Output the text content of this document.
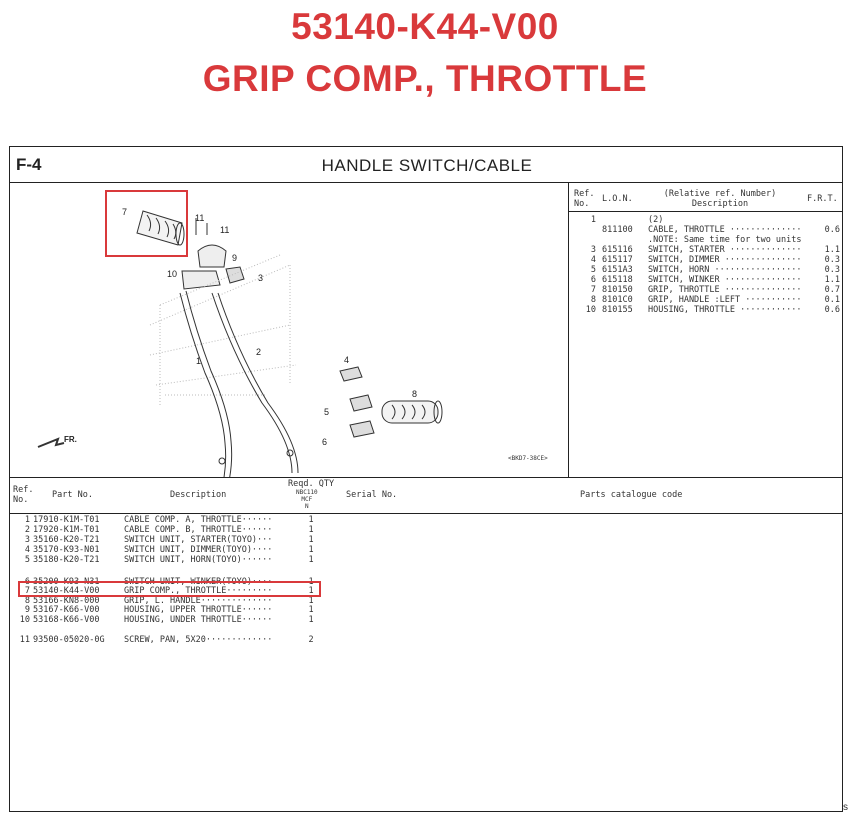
53140-K44-V00
GRIP COMP., THROTTLE
F-4	HANDLE SWITCH/CABLE
7
11
11
9
10	3
2
1	4
8
5
6
FR.
<BKD7-38CE>
Ref.
No.	L.O.N.	(Relative ref. Number)
Description	F.R.T.
1	(2)
811100	CABLE, THROTTLE ··············	0.6
.NOTE: Same time for two units
3 615116	SWITCH, STARTER ··············	1.1
4 615117	SWITCH, DIMMER ···············	0.3
5 6151A3	SWITCH, HORN ·················	0.3
6 615118	SWITCH, WINKER ···············	1.1
7 810150	GRIP, THROTTLE ···············	0.7
8 8101C0	GRIP, HANDLE :LEFT ···········	0.1
10 810155	HOUSING, THROTTLE ············	0.6
Ref.
No.	Part No.	Description
Reqd. QTY
NBC110
MCF
N
Serial No.	Parts catalogue code
1 17910-K1M-T01	CABLE COMP. A, THROTTLE······	1
2 17920-K1M-T01	CABLE COMP. B, THROTTLE······	1
3 35160-K20-T21	SWITCH UNIT, STARTER(TOYO)···	1
4 35170-K93-N01	SWITCH UNIT, DIMMER(TOYO)····	1
5 35180-K20-T21	SWITCH UNIT, HORN(TOYO)······	1
6 35200-K93-N31	SWITCH UNIT, WINKER(TOYO)····	1
7 53140-K44-V00	GRIP COMP., THROTTLE·········	1
8 53166-KN8-000	GRIP, L. HANDLE··············	1
9 53167-K66-V00	HOUSING, UPPER THROTTLE······	1
10 53168-K66-V00	HOUSING, UNDER THROTTLE······	1
11 93500-05020-0G	SCREW, PAN, 5X20·············	2
s
